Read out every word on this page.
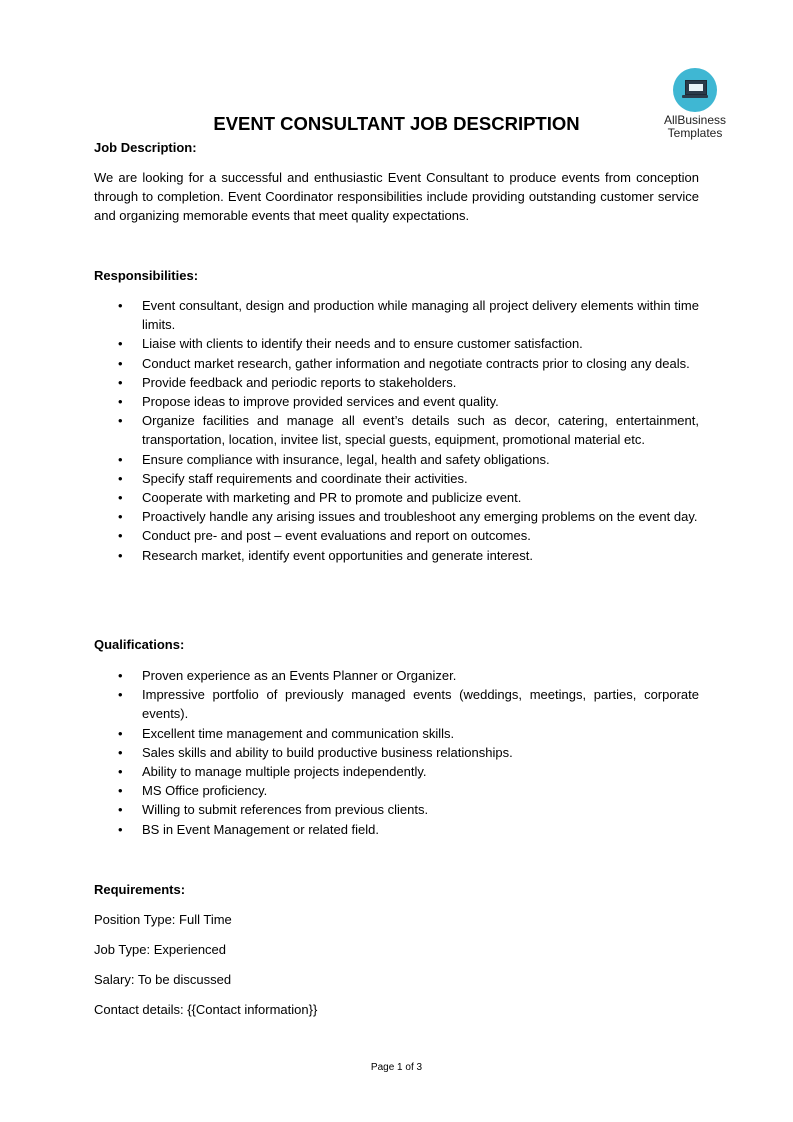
AllBusiness
Templates
EVENT CONSULTANT JOB DESCRIPTION
Job Description:
We are looking for a successful and enthusiastic Event Consultant to produce events from conception through to completion. Event Coordinator responsibilities include providing outstanding customer service and organizing memorable events that meet quality expectations.
Responsibilities:
• Event consultant, design and production while managing all project delivery elements within time limits.
• Liaise with clients to identify their needs and to ensure customer satisfaction.
• Conduct market research, gather information and negotiate contracts prior to closing any deals.
• Provide feedback and periodic reports to stakeholders.
• Propose ideas to improve provided services and event quality.
• Organize facilities and manage all event’s details such as decor, catering, entertainment, transportation, location, invitee list, special guests, equipment, promotional material etc.
• Ensure compliance with insurance, legal, health and safety obligations.
• Specify staff requirements and coordinate their activities.
• Cooperate with marketing and PR to promote and publicize event.
• Proactively handle any arising issues and troubleshoot any emerging problems on the event day.
• Conduct pre- and post – event evaluations and report on outcomes.
• Research market, identify event opportunities and generate interest.
Qualifications:
• Proven experience as an Events Planner or Organizer.
• Impressive portfolio of previously managed events (weddings, meetings, parties, corporate events).
• Excellent time management and communication skills.
• Sales skills and ability to build productive business relationships.
• Ability to manage multiple projects independently.
• MS Office proficiency.
• Willing to submit references from previous clients.
• BS in Event Management or related field.
Requirements:
Position Type: Full Time
Job Type: Experienced
Salary: To be discussed
Contact details: {{Contact information}}
Page 1 of 3
